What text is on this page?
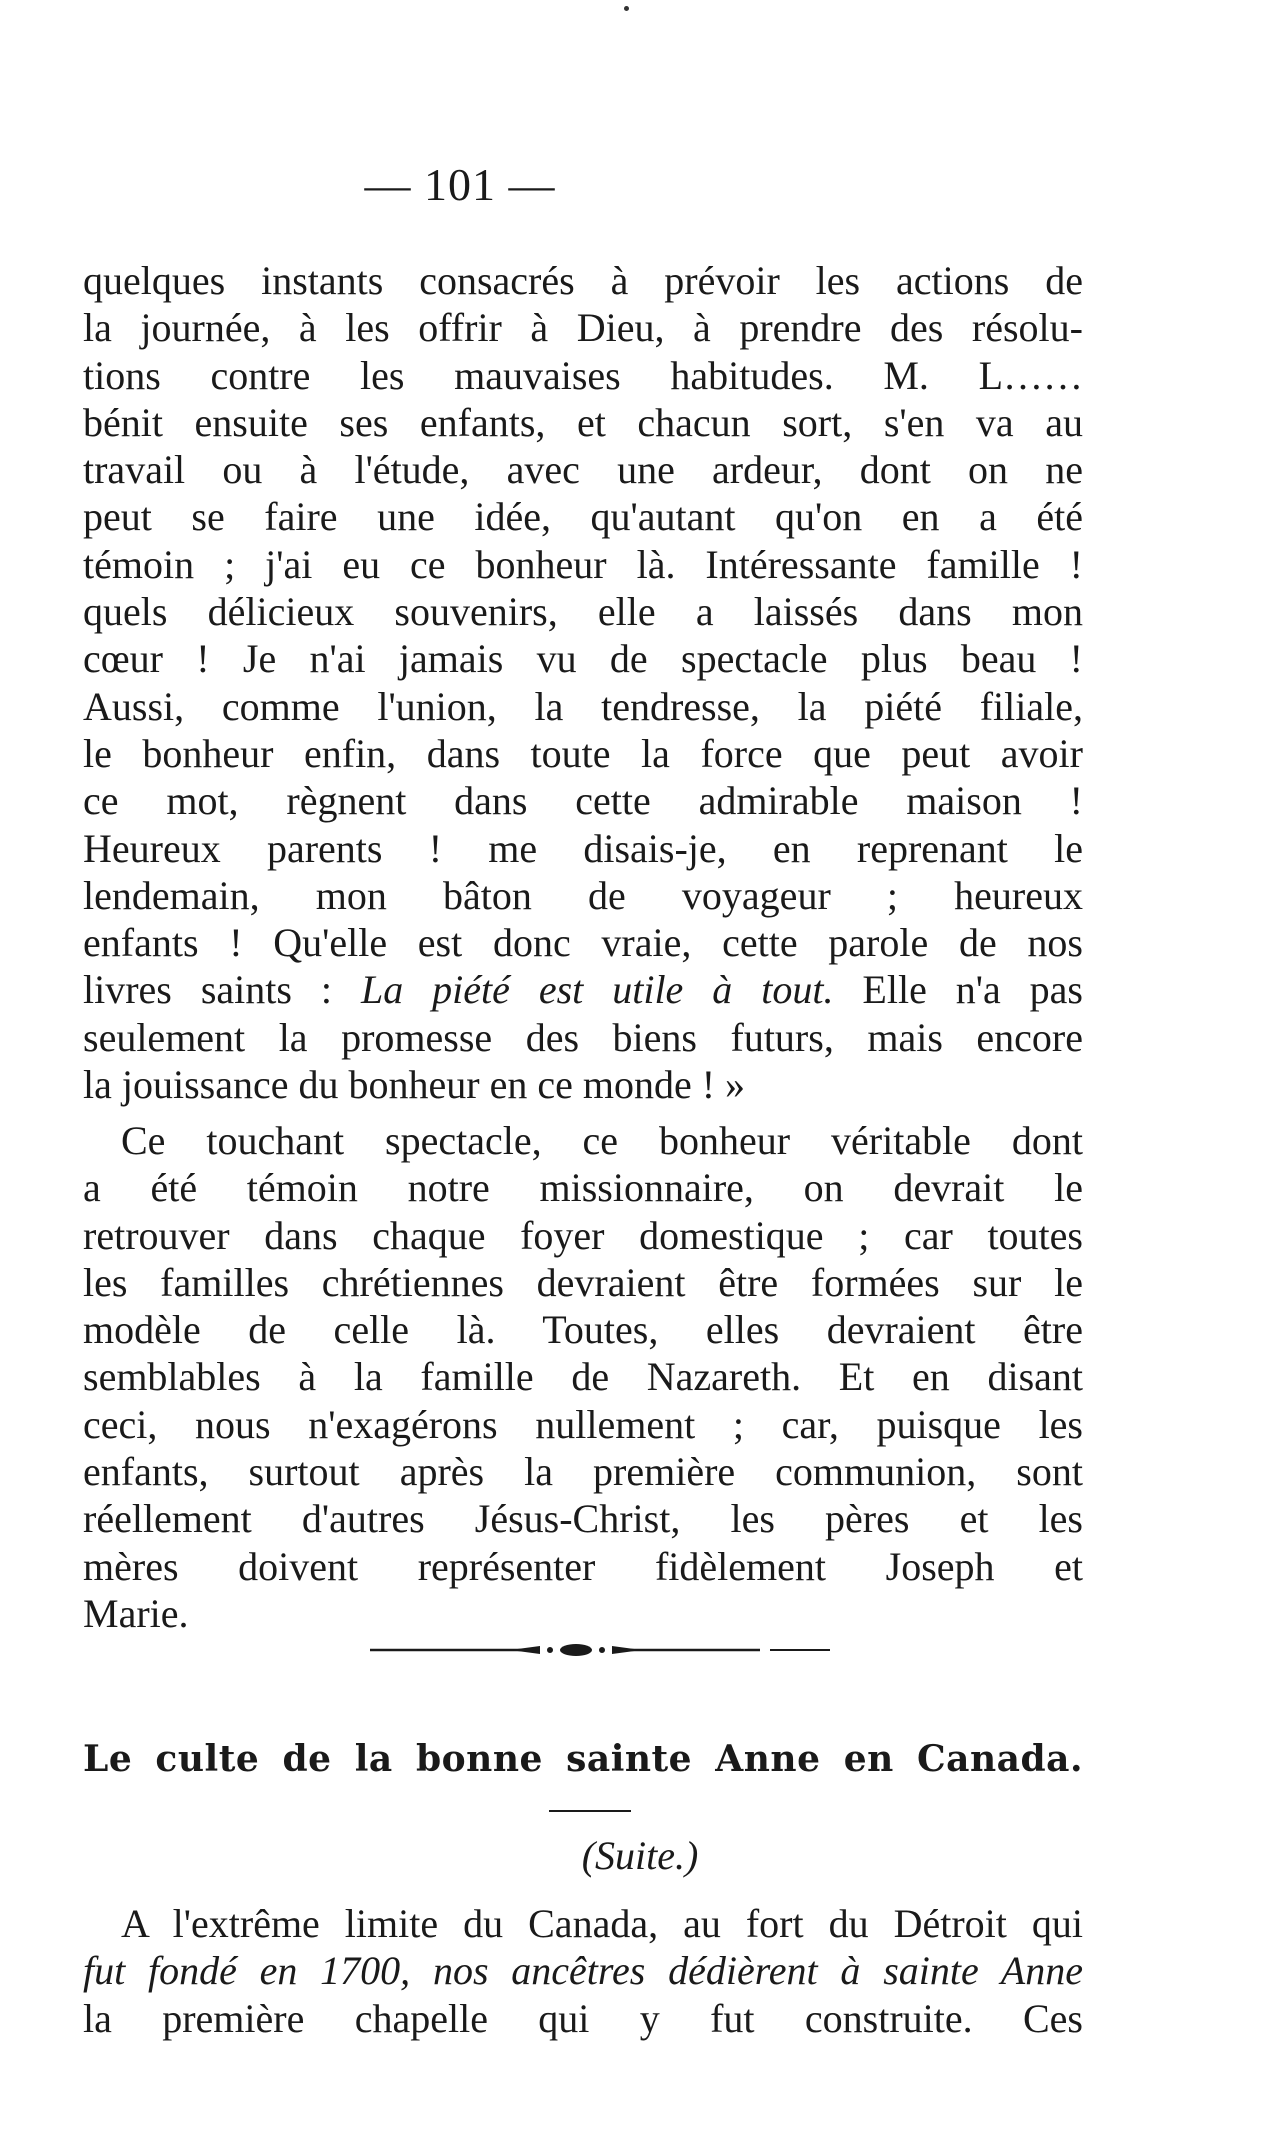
— 101 —
quelques instants consacrés à prévoir les actions de
la journée, à les offrir à Dieu, à prendre des résolu-
tions contre les mauvaises habitudes. M. L……
bénit ensuite ses enfants, et chacun sort, s'en va au
travail ou à l'étude, avec une ardeur, dont on ne
peut se faire une idée, qu'autant qu'on en a été
témoin ; j'ai eu ce bonheur là. Intéressante famille !
quels délicieux souvenirs, elle a laissés dans mon
cœur ! Je n'ai jamais vu de spectacle plus beau !
Aussi, comme l'union, la tendresse, la piété filiale,
le bonheur enfin, dans toute la force que peut avoir
ce mot, règnent dans cette admirable maison !
Heureux parents ! me disais-je, en reprenant le
lendemain, mon bâton de voyageur ; heureux
enfants ! Qu'elle est donc vraie, cette parole de nos
livres saints : La piété est utile à tout. Elle n'a pas
seulement la promesse des biens futurs, mais encore
la jouissance du bonheur en ce monde ! »
Ce touchant spectacle, ce bonheur véritable dont
a été témoin notre missionnaire, on devrait le
retrouver dans chaque foyer domestique ; car toutes
les familles chrétiennes devraient être formées sur le
modèle de celle là. Toutes, elles devraient être
semblables à la famille de Nazareth. Et en disant
ceci, nous n'exagérons nullement ; car, puisque les
enfants, surtout après la première communion, sont
réellement d'autres Jésus-Christ, les pères et les
mères doivent représenter fidèlement Joseph et
Marie.
Le culte de la bonne sainte Anne en Canada.
(Suite.)
A l'extrême limite du Canada, au fort du Détroit qui
fut fondé en 1700, nos ancêtres dédièrent à sainte Anne
la première chapelle qui y fut construite. Ces
